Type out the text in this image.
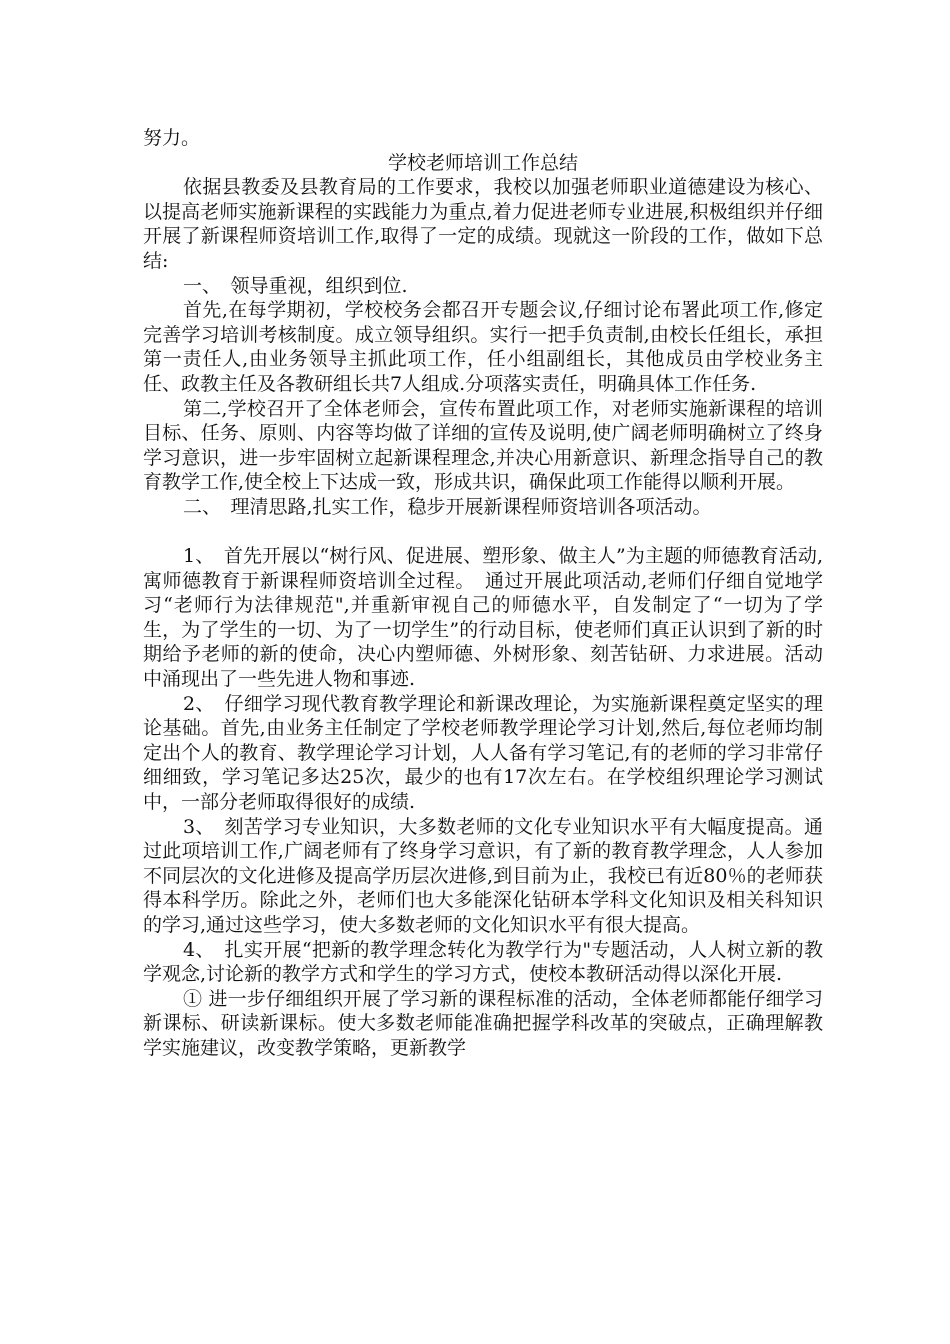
努力。

学校老师培训工作总结

依据县教委及县教育局的工作要求，我校以加强老师职业道德建设为核心、以提高老师实施新课程的实践能力为重点,着力促进老师专业进展,积极组织并仔细开展了新课程师资培训工作,取得了一定的成绩。现就这一阶段的工作，做如下总结:

一、　领导重视，组织到位.

首先,在每学期初，学校校务会都召开专题会议,仔细讨论布署此项工作,修定完善学习培训考核制度。成立领导组织。实行一把手负责制,由校长任组长，承担第一责任人,由业务领导主抓此项工作，任小组副组长，其他成员由学校业务主任、政教主任及各教研组长共7人组成.分项落实责任，明确具体工作任务.

第二,学校召开了全体老师会，宣传布置此项工作，对老师实施新课程的培训目标、任务、原则、内容等均做了详细的宣传及说明,使广阔老师明确树立了终身学习意识，进一步牢固树立起新课程理念,并决心用新意识、新理念指导自己的教育教学工作,使全校上下达成一致，形成共识，确保此项工作能得以顺利开展。

二、　理清思路,扎实工作，稳步开展新课程师资培训各项活动。

1、　首先开展以“树行风、促进展、塑形象、做主人”为主题的师德教育活动,寓师德教育于新课程师资培训全过程。　通过开展此项活动,老师们仔细自觉地学习“老师行为法律规范",并重新审视自己的师德水平，自发制定了“一切为了学生，为了学生的一切、为了一切学生”的行动目标，使老师们真正认识到了新的时期给予老师的新的使命，决心内塑师德、外树形象、刻苦钻研、力求进展。活动中涌现出了一些先进人物和事迹.

2、　仔细学习现代教育教学理论和新课改理论，为实施新课程奠定坚实的理论基础。首先,由业务主任制定了学校老师教学理论学习计划,然后,每位老师均制定出个人的教育、教学理论学习计划，人人备有学习笔记,有的老师的学习非常仔细细致，学习笔记多达25次，最少的也有17次左右。在学校组织理论学习测试中，一部分老师取得很好的成绩.

3、　刻苦学习专业知识，大多数老师的文化专业知识水平有大幅度提高。通过此项培训工作,广阔老师有了终身学习意识，有了新的教育教学理念，人人参加不同层次的文化进修及提高学历层次进修,到目前为止，我校已有近80％的老师获得本科学历。除此之外，老师们也大多能深化钻研本学科文化知识及相关科知识的学习,通过这些学习，使大多数老师的文化知识水平有很大提高。

4、　扎实开展“把新的教学理念转化为教学行为"专题活动，人人树立新的教学观念,讨论新的教学方式和学生的学习方式，使校本教研活动得以深化开展.

① 进一步仔细组织开展了学习新的课程标准的活动，全体老师都能仔细学习新课标、研读新课标。使大多数老师能准确把握学科改革的突破点，正确理解教学实施建议，改变教学策略，更新教学
